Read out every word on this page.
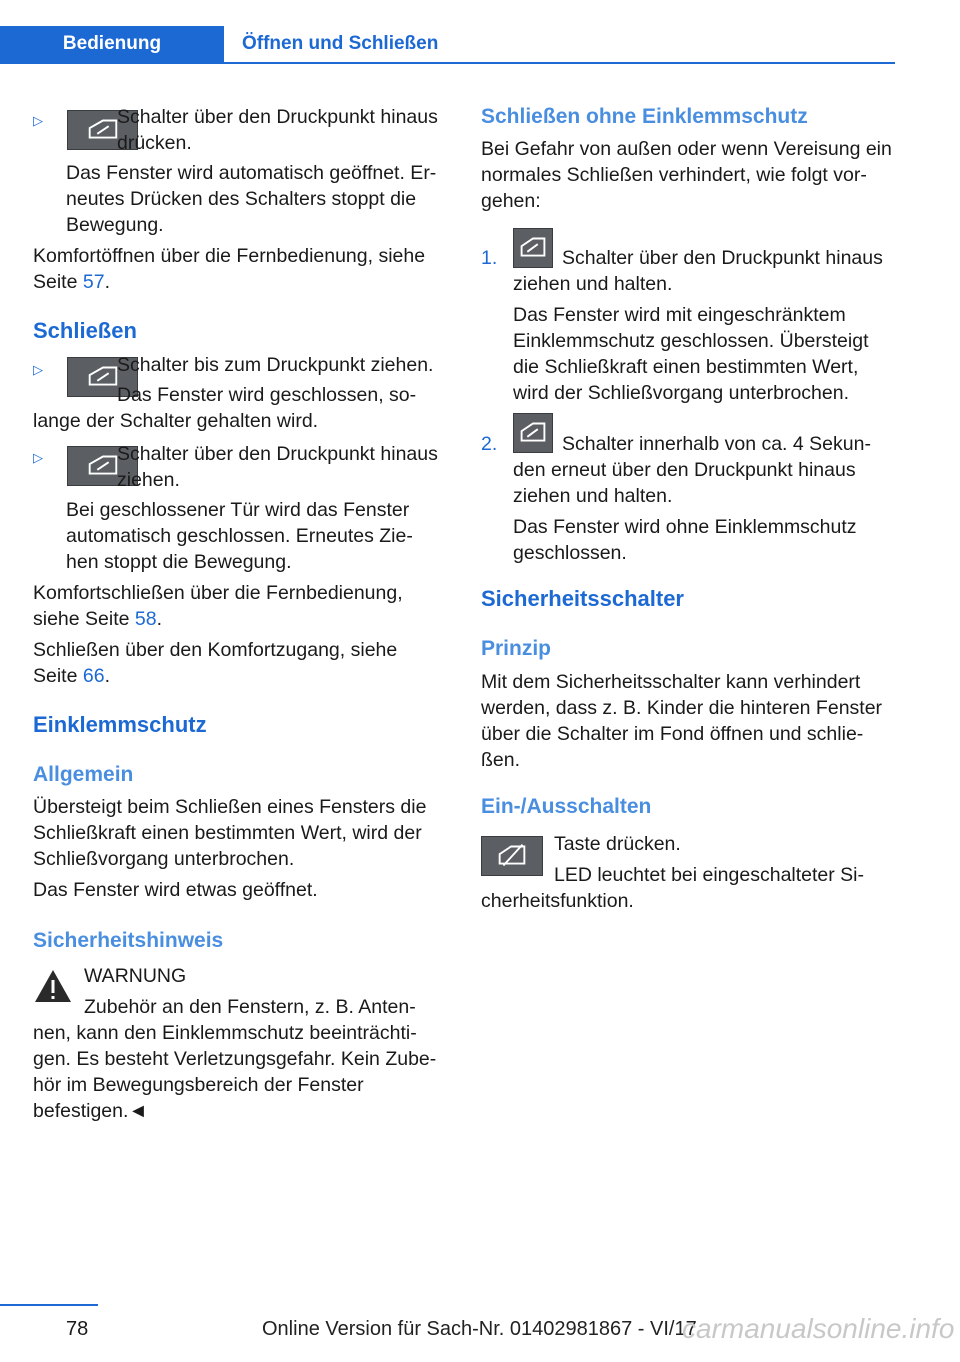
Bedienung	Öffnen und Schließen
▷	Schalter über den Druckpunkt hinaus

drücken.

Das Fenster wird automatisch geöffnet. Er‐

neutes Drücken des Schalters stoppt die

Bewegung.

Komfortöffnen über die Fernbedienung, siehe

Seite 57.

Schließen
▷	Schalter bis zum Druckpunkt ziehen.

Das Fenster wird geschlossen, so‐

lange der Schalter gehalten wird.

▷	Schalter über den Druckpunkt hinaus

ziehen.

Bei geschlossener Tür wird das Fenster

automatisch geschlossen. Erneutes Zie‐

hen stoppt die Bewegung.

Komfortschließen über die Fernbedienung,

siehe Seite 58.

Schließen über den Komfortzugang, siehe

Seite 66.

Einklemmschutz
Allgemein

Übersteigt beim Schließen eines Fensters die

Schließkraft einen bestimmten Wert, wird der

Schließvorgang unterbrochen.

Das Fenster wird etwas geöffnet.

Sicherheitshinweis

WARNUNG

Zubehör an den Fenstern, z. B. Anten‐

nen, kann den Einklemmschutz beeinträchti‐

gen. Es besteht Verletzungsgefahr. Kein Zube‐

hör im Bewegungsbereich der Fenster

befestigen.◄

Schließen ohne Einklemmschutz

Bei Gefahr von außen oder wenn Vereisung ein

normales Schließen verhindert, wie folgt vor‐

gehen:

1.	Schalter über den Druckpunkt hinaus

ziehen und halten.

Das Fenster wird mit eingeschränktem

Einklemmschutz geschlossen. Übersteigt

die Schließkraft einen bestimmten Wert,

wird der Schließvorgang unterbrochen.

2.	Schalter innerhalb von ca. 4 Sekun‐

den erneut über den Druckpunkt hinaus

ziehen und halten.

Das Fenster wird ohne Einklemmschutz

geschlossen.

Sicherheitsschalter
Prinzip

Mit dem Sicherheitsschalter kann verhindert

werden, dass z. B. Kinder die hinteren Fenster

über die Schalter im Fond öffnen und schlie‐

ßen.

Ein-/Ausschalten

Taste drücken.

LED leuchtet bei eingeschalteter Si‐

cherheitsfunktion.

78	Online Version für Sach-Nr. 01402981867 - VI/17
carmanualsonline.info
